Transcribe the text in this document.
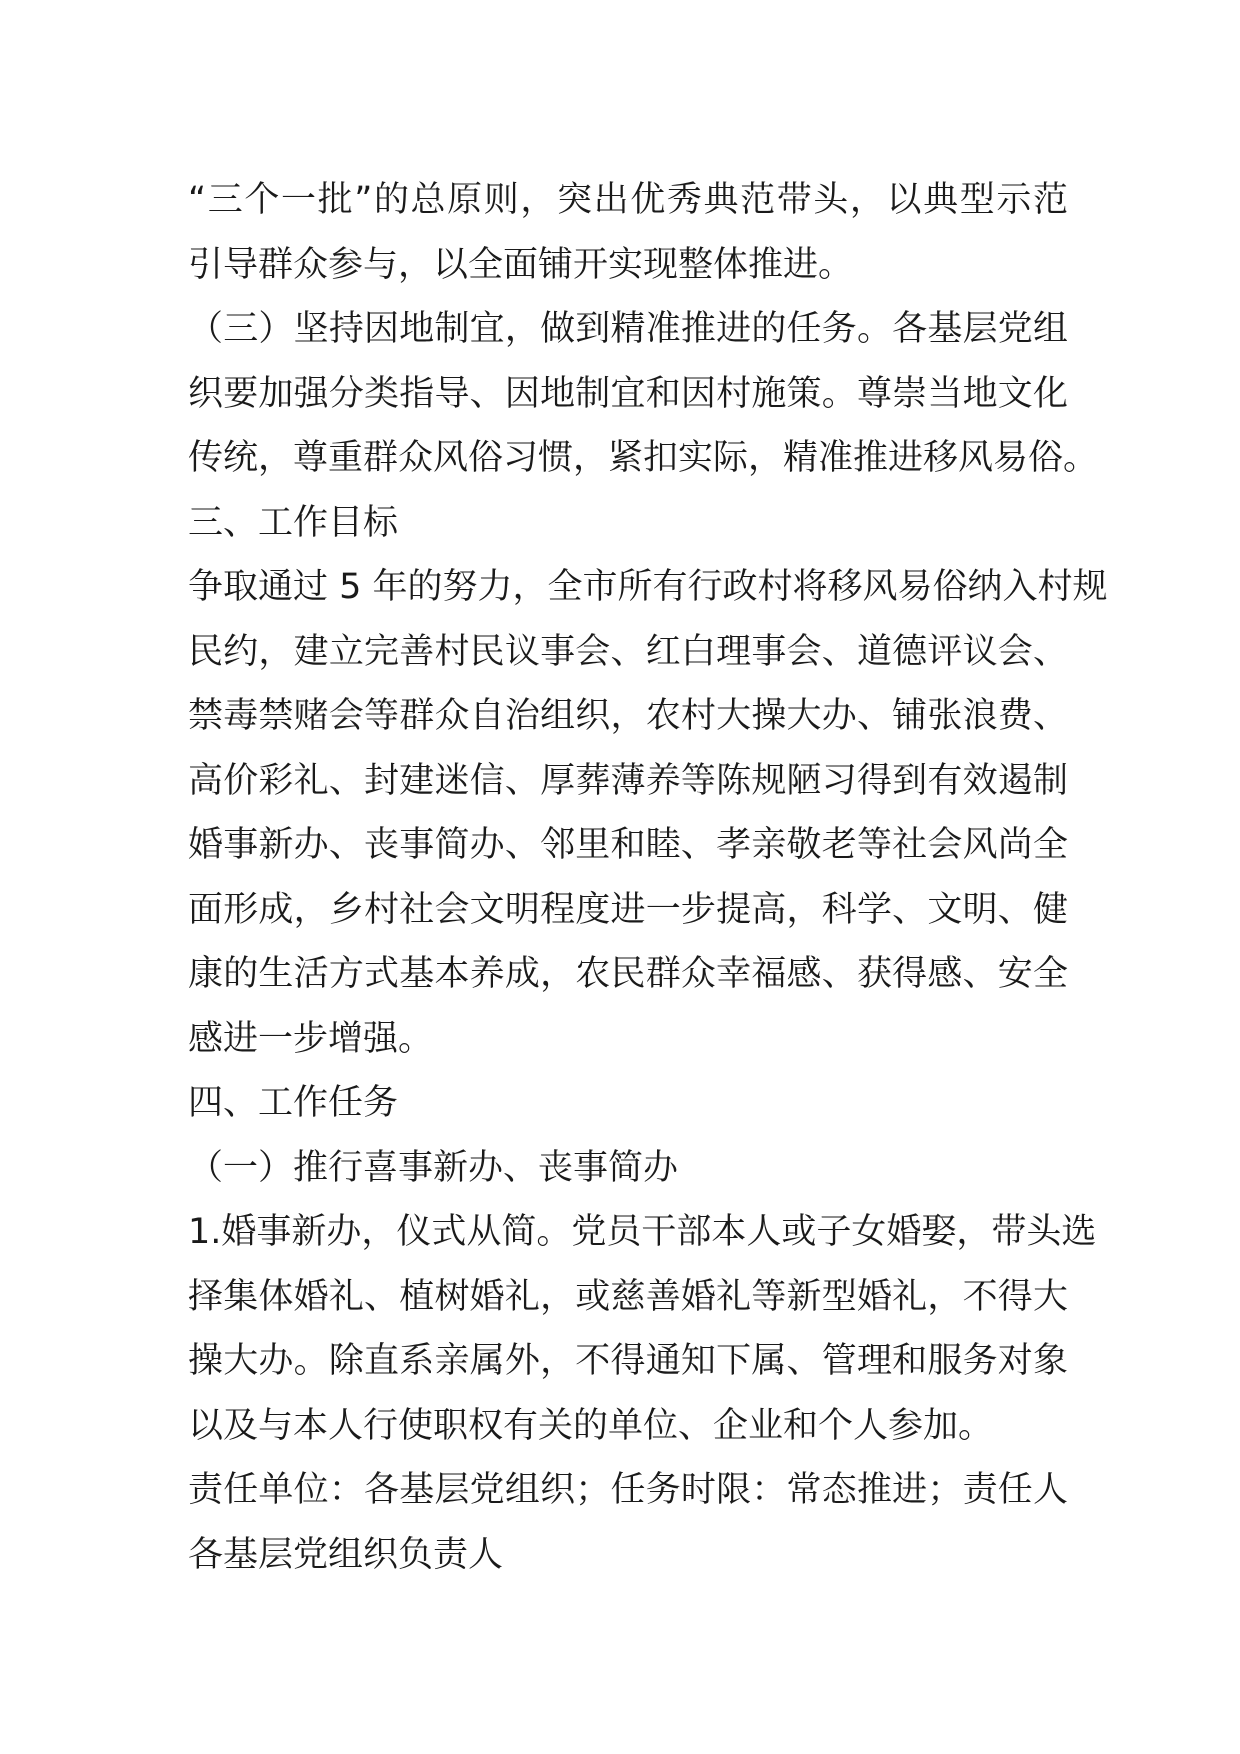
“三个一批”的总原则，突出优秀典范带头，以典型示范
引导群众参与，以全面铺开实现整体推进。
（三）坚持因地制宜，做到精准推进的任务。各基层党组
织要加强分类指导、因地制宜和因村施策。尊崇当地文化
传统，尊重群众风俗习惯，紧扣实际，精准推进移风易俗。
三、工作目标
争取通过 5 年的努力，全市所有行政村将移风易俗纳入村规
民约，建立完善村民议事会、红白理事会、道德评议会、
禁毒禁赌会等群众自治组织，农村大操大办、铺张浪费、
高价彩礼、封建迷信、厚葬薄养等陈规陋习得到有效遏制
婚事新办、丧事简办、邻里和睦、孝亲敬老等社会风尚全
面形成，乡村社会文明程度进一步提高，科学、文明、健
康的生活方式基本养成，农民群众幸福感、获得感、安全
感进一步增强。
四、工作任务
（一）推行喜事新办、丧事简办
1.婚事新办，仪式从简。党员干部本人或子女婚娶，带头选
择集体婚礼、植树婚礼，或慈善婚礼等新型婚礼，不得大
操大办。除直系亲属外，不得通知下属、管理和服务对象
以及与本人行使职权有关的单位、企业和个人参加。
责任单位：各基层党组织；任务时限：常态推进；责任人
各基层党组织负责人
